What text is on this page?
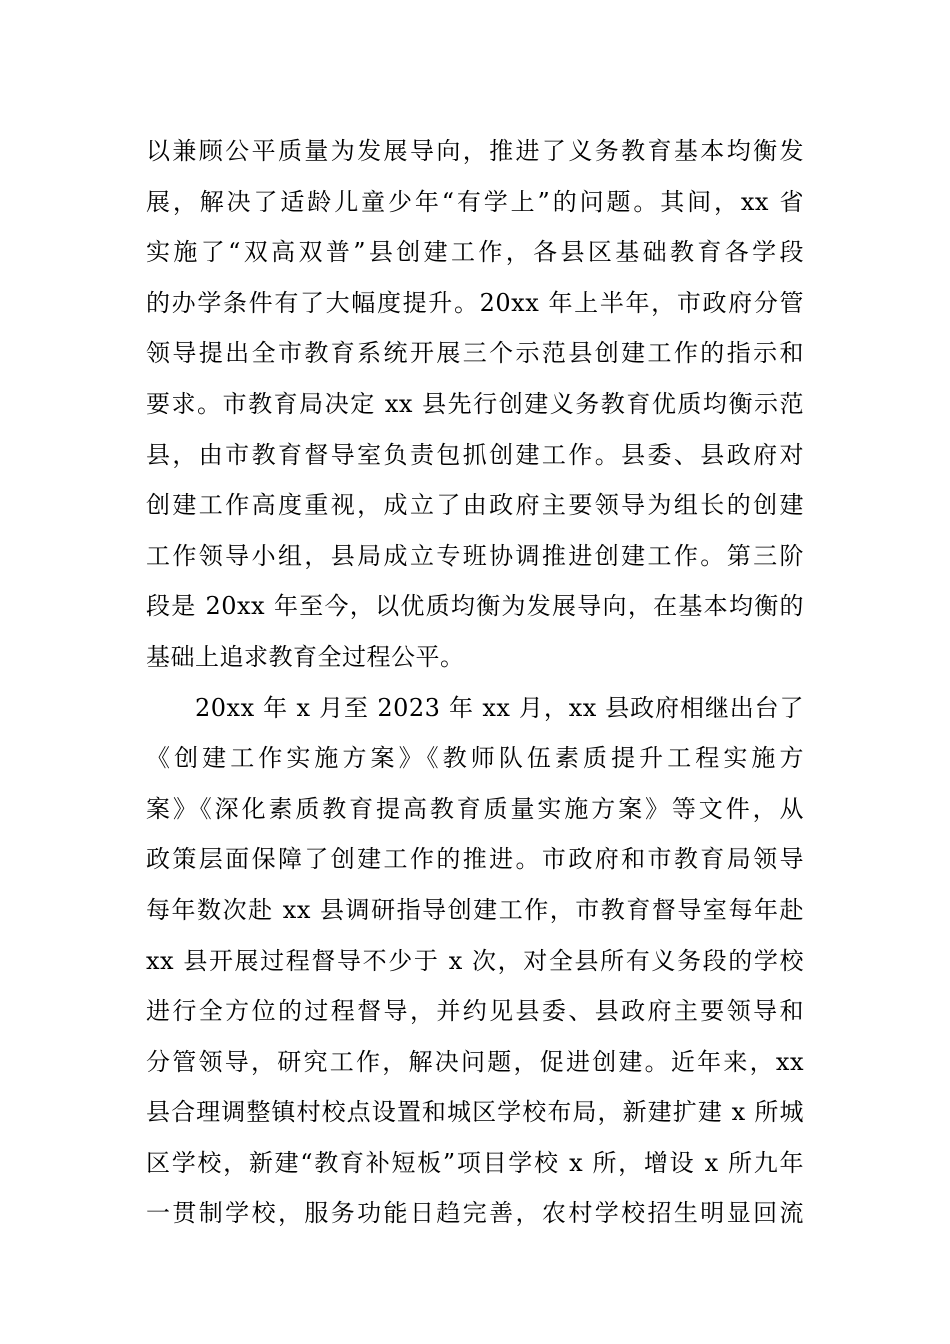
以兼顾公平质量为发展导向，推进了义务教育基本均衡发
展，解决了适龄儿童少年“有学上”的问题。其间，xx 省
实施了“双高双普”县创建工作，各县区基础教育各学段
的办学条件有了大幅度提升。20xx 年上半年，市政府分管
领导提出全市教育系统开展三个示范县创建工作的指示和
要求。市教育局决定 xx 县先行创建义务教育优质均衡示范
县，由市教育督导室负责包抓创建工作。县委、县政府对
创建工作高度重视，成立了由政府主要领导为组长的创建
工作领导小组，县局成立专班协调推进创建工作。第三阶
段是 20xx 年至今，以优质均衡为发展导向，在基本均衡的
基础上追求教育全过程公平。
20xx 年 x 月至 2023 年 xx 月，xx 县政府相继出台了
《创建工作实施方案》《教师队伍素质提升工程实施方
案》《深化素质教育提高教育质量实施方案》等文件，从
政策层面保障了创建工作的推进。市政府和市教育局领导
每年数次赴 xx 县调研指导创建工作，市教育督导室每年赴
xx 县开展过程督导不少于 x 次，对全县所有义务段的学校
进行全方位的过程督导，并约见县委、县政府主要领导和
分管领导，研究工作，解决问题，促进创建。近年来，xx
县合理调整镇村校点设置和城区学校布局，新建扩建 x 所城
区学校，新建“教育补短板”项目学校 x 所，增设 x 所九年
一贯制学校，服务功能日趋完善，农村学校招生明显回流
